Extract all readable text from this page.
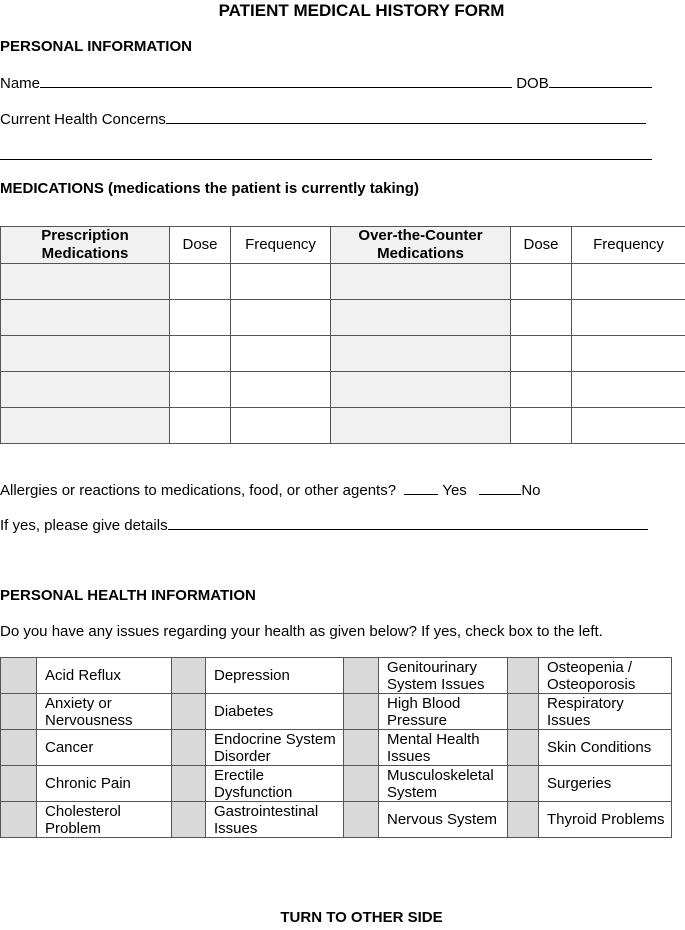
PATIENT MEDICAL HISTORY FORM
PERSONAL INFORMATION
Name	DOB
Current Health Concerns
MEDICATIONS (medications the patient is currently taking)
Prescription Medications	Dose	Frequency	Over-the-Counter Medications	Dose	Frequency

Allergies or reactions to medications, food, or other agents?	Yes	No
If yes, please give details
PERSONAL HEALTH INFORMATION
Do you have any issues regarding your health as given below? If yes, check box to the left.
	Acid Reflux		Depression		Genitourinary System Issues		Osteopenia / Osteoporosis
	Anxiety or Nervousness		Diabetes		High Blood Pressure		Respiratory Issues
	Cancer		Endocrine System Disorder		Mental Health Issues		Skin Conditions
	Chronic Pain		Erectile Dysfunction		Musculoskeletal System		Surgeries
	Cholesterol Problem		Gastrointestinal Issues		Nervous System		Thyroid Problems
TURN TO OTHER SIDE
